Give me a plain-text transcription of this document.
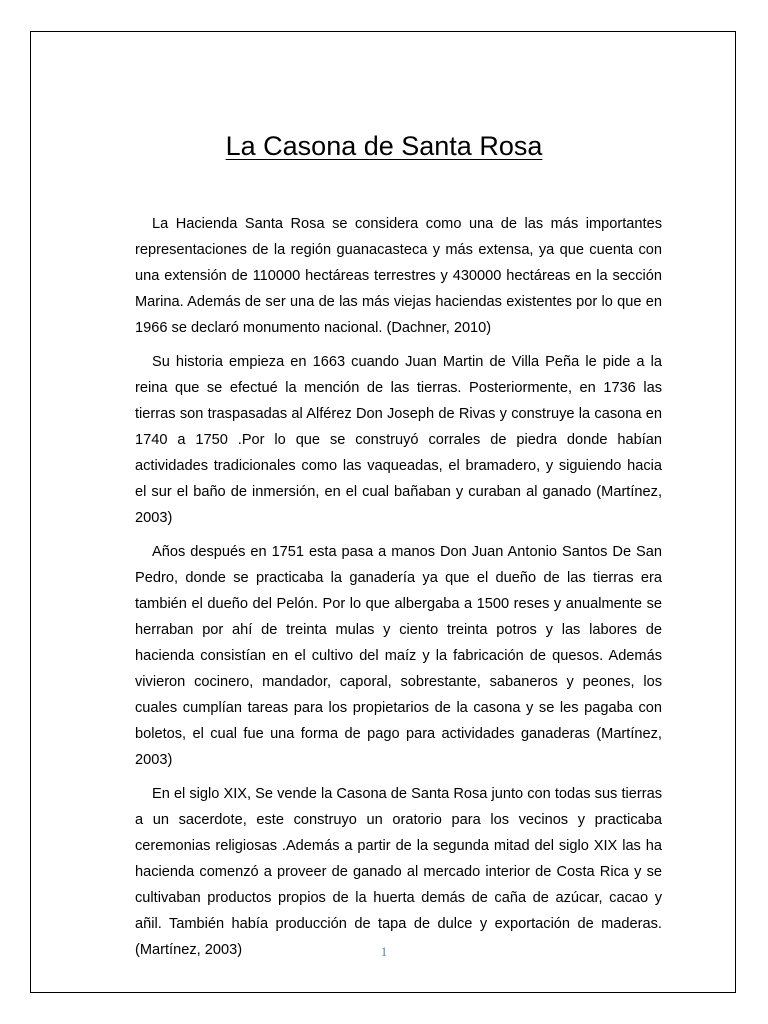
La Casona de Santa Rosa

La Hacienda Santa Rosa se considera como una de las más importantes representaciones de la región guanacasteca y más extensa, ya que cuenta con una extensión de 110000 hectáreas terrestres y 430000 hectáreas en la sección Marina. Además de ser una de las más viejas haciendas existentes por lo que en 1966 se declaró monumento nacional. (Dachner, 2010)

Su historia empieza en 1663 cuando Juan Martin de Villa Peña le pide a la reina que se efectué la mención de las tierras. Posteriormente, en 1736 las tierras son traspasadas al Alférez Don Joseph de Rivas y construye la casona en 1740 a 1750 .Por lo que se construyó corrales de piedra donde habían actividades tradicionales como las vaqueadas, el bramadero, y siguiendo hacia el sur el baño de inmersión, en el cual bañaban y curaban al ganado (Martínez, 2003)

Años después en 1751 esta pasa a manos Don Juan Antonio Santos De San Pedro, donde se practicaba la ganadería ya que el dueño de las tierras era también el dueño del Pelón. Por lo que albergaba a 1500 reses y anualmente se herraban por ahí de treinta mulas y ciento treinta potros y las labores de hacienda consistían en el cultivo del maíz y la fabricación de quesos. Además vivieron cocinero, mandador, caporal, sobrestante, sabaneros y peones, los cuales cumplían tareas para los propietarios de la casona y se les pagaba con boletos, el cual fue una forma de pago para actividades ganaderas (Martínez, 2003)

En el siglo XIX, Se vende la Casona de Santa Rosa junto con todas sus tierras a un sacerdote, este construyo un oratorio para los vecinos y practicaba ceremonias religiosas .Además a partir de la segunda mitad del siglo XIX las ha hacienda comenzó a proveer de ganado al mercado interior de Costa Rica y se cultivaban productos propios de la huerta demás de caña de azúcar, cacao y añil. También había producción de tapa de dulce y exportación de maderas. (Martínez, 2003)	1
